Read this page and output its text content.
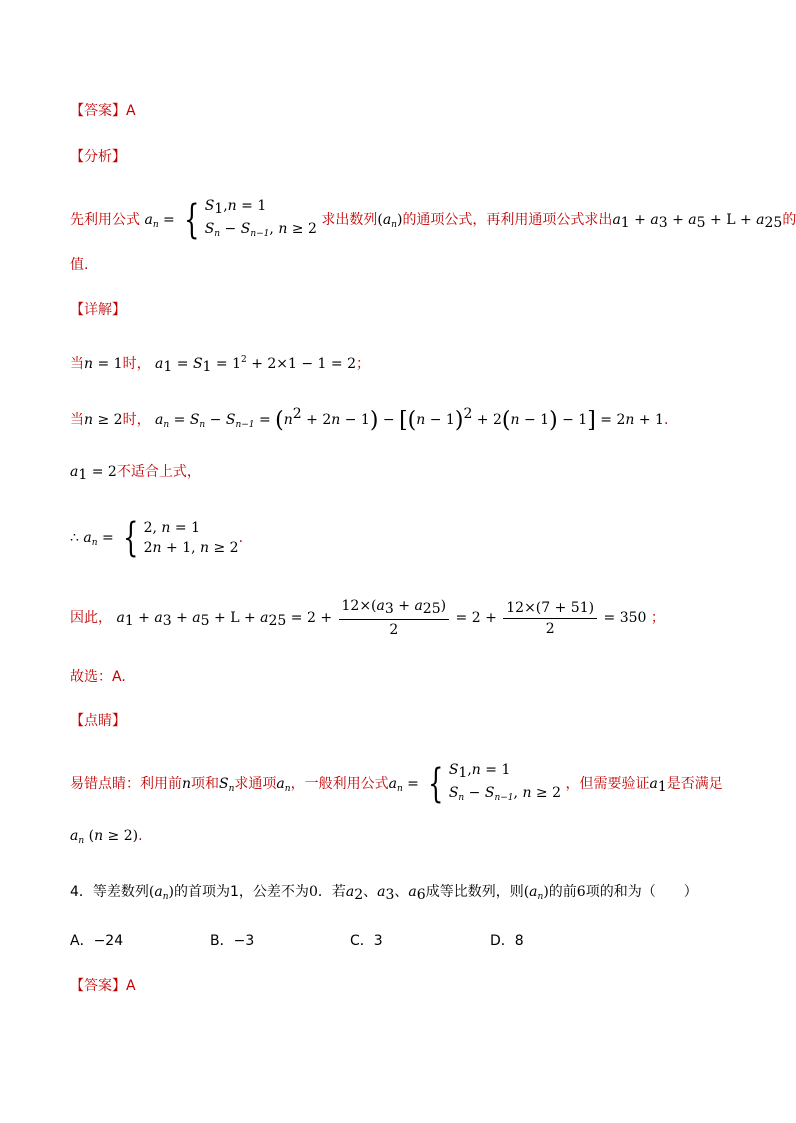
【答案】A
【分析】
先利用公式 $a_n$ = { $S_1,n = 1$
$S_n - S_{n-1}$, n ≥ 2 求出数列$(a_n)$的通项公式，再利用通项公式求出$a_1 + a_3 + a_5 + L + a_{25}$的
值.
【详解】
当n = 1时， $a_1 = S_1 = 1^2 + 2\times 1 - 1 = 2$；
当n ≥ 2时， $a_n = S_n - S_{n-1} = (n^2 + 2n - 1) - [(n - 1)^2 + 2(n - 1) - 1] = 2n + 1$.
$a_1 = 2$不适合上式，
∴ $a_n$ = { 2, n = 1
2n + 1, n ≥ 2.
因此， $a_1 + a_3 + a_5 + L + a_{25} = 2 + \frac{12\times(a_3 + a_{25})}{2} = 2 + \frac{12\times(7 + 51)}{2} = 350$ ；
故选：A.
【点睛】
易错点睛：利用前n项和$S_n$求通项$a_n$，一般利用公式$a_n$ = { $S_1,n = 1$
$S_n - S_{n-1}$, n ≥ 2 ，但需要验证$a_1$是否满足
$a_n$ (n ≥ 2).
4．等差数列$(a_n)$的首项为1，公差不为0．若$a_2$、$a_3$、$a_6$成等比数列，则$(a_n)$的前6项的和为（　　）
A．−24	B．−3	C．3	D．8
【答案】A
